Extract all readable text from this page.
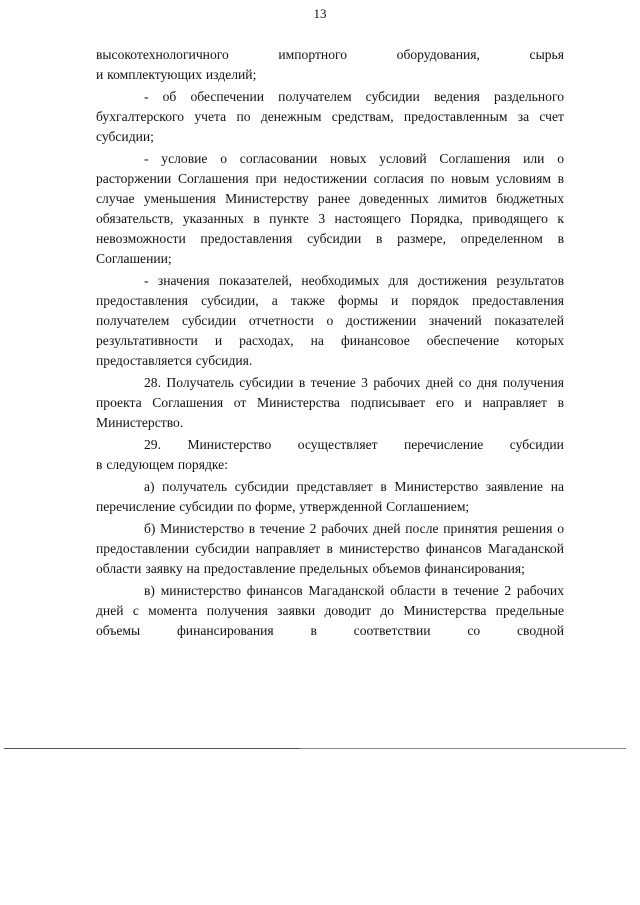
13
высокотехнологичного	импортного	оборудования,	сырья
и комплектующих изделий;

- об обеспечении получателем субсидии ведения раздельного бухгалтерского учета по денежным средствам, предоставленным за счет субсидии;

- условие о согласовании новых условий Соглашения или о расторжении Соглашения при недостижении согласия по новым условиям в случае уменьшения Министерству ранее доведенных лимитов бюджетных обязательств, указанных в пункте 3 настоящего Порядка, приводящего к невозможности предоставления субсидии в размере, определенном в Соглашении;

- значения показателей, необходимых для достижения результатов предоставления субсидии, а также формы и порядок предоставления получателем субсидии отчетности о достижении значений показателей результативности и расходах, на финансовое обеспечение которых предоставляется субсидия.

28. Получатель субсидии в течение 3 рабочих дней со дня получения проекта Соглашения от Министерства подписывает его и направляет в Министерство.

29. Министерство осуществляет перечисление субсидии
в следующем порядке:

а) получатель субсидии представляет в Министерство заявление на перечисление субсидии по форме, утвержденной Соглашением;

б) Министерство в течение 2 рабочих дней после принятия решения о предоставлении субсидии направляет в министерство финансов Магаданской области заявку на предоставление предельных объемов финансирования;

в) министерство финансов Магаданской области в течение 2 рабочих дней с момента получения заявки доводит до Министерства предельные объемы финансирования в соответствии со сводной
